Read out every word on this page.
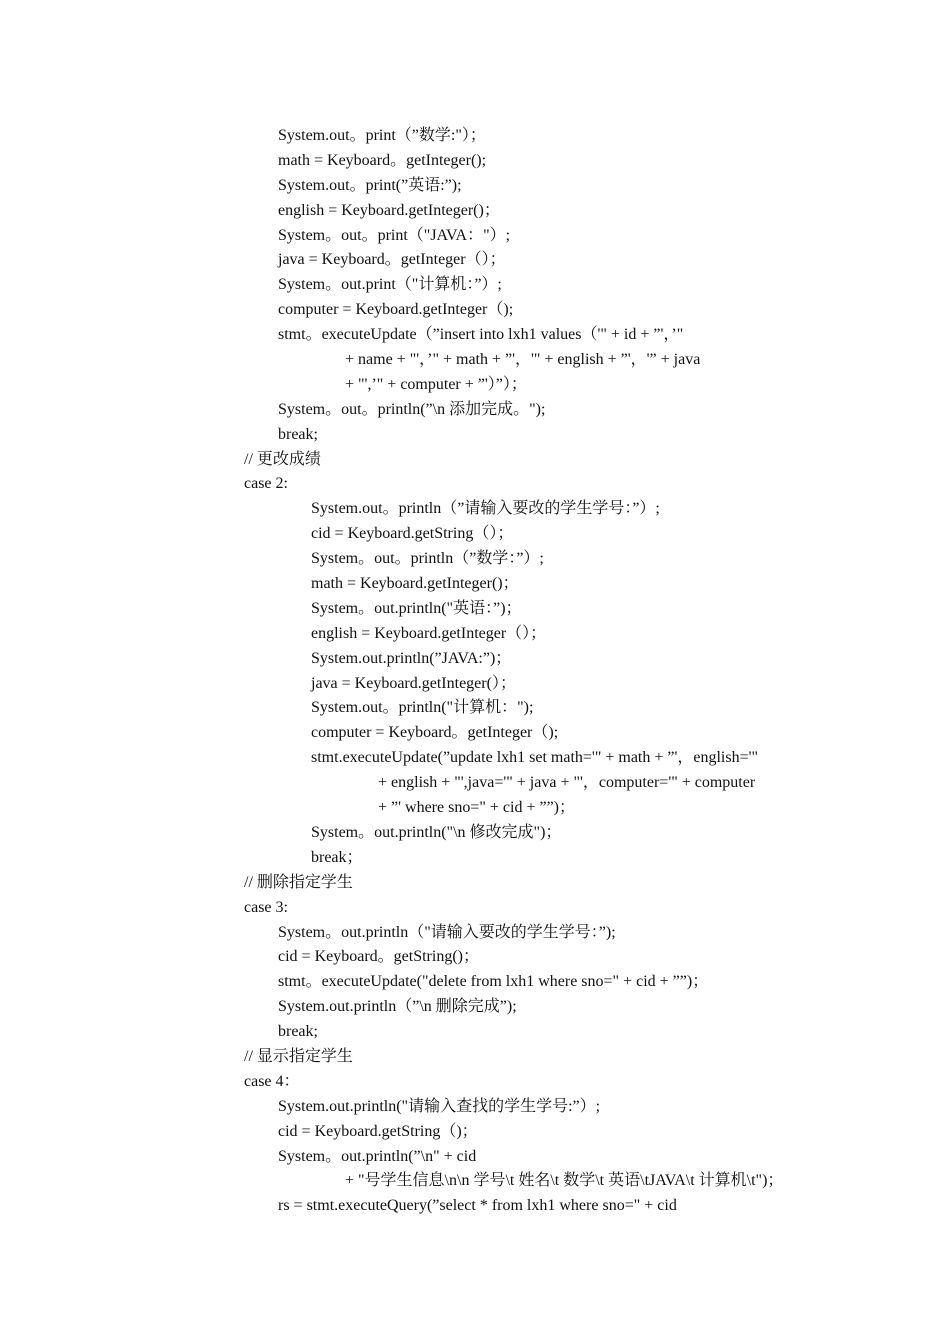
System.out。print（”数学:"）；
math = Keyboard。getInteger();
System.out。print(”英语:”);
english = Keyboard.getInteger()；
System。out。print（"JAVA："）;
java = Keyboard。getInteger（）；
System。out.print（"计算机：”）;
computer = Keyboard.getInteger（);
stmt。executeUpdate（”insert into lxh1 values（'" + id + ”'，’"
+ name + "'，’" + math + ”'，'" + english + ”'，'” + java
+ "',’" + computer + ”'）”）；
System。out。println(”\n 添加完成。");
break;
// 更改成绩
case 2:
System.out。println（”请输入要改的学生学号：”）;
cid = Keyboard.getString（）；
System。out。println（”数学：”）;
math = Keyboard.getInteger()；
System。out.println("英语：”)；
english = Keyboard.getInteger（）；
System.out.println(”JAVA:”)；
java = Keyboard.getInteger(）；
System.out。println("计算机：");
computer = Keyboard。getInteger（);
stmt.executeUpdate(”update lxh1 set math='" + math + ”'，english='"
+ english + "',java='" + java + "'，computer='" + computer
+ ”' where sno=" + cid + ””)；
System。out.println("\n 修改完成")；
break；
// 删除指定学生
case 3:
System。out.println（"请输入要改的学生学号：”);
cid = Keyboard。getString()；
stmt。executeUpdate("delete from lxh1 where sno=" + cid + ””)；
System.out.println（”\n 删除完成”);
break;
// 显示指定学生
case 4：
System.out.println("请输入查找的学生学号:”）;
cid = Keyboard.getString（)；
System。out.println(”\n" + cid
+ "号学生信息\n\n 学号\t 姓名\t 数学\t 英语\tJAVA\t 计算机\t")；
rs = stmt.executeQuery(”select * from lxh1 where sno=" + cid
